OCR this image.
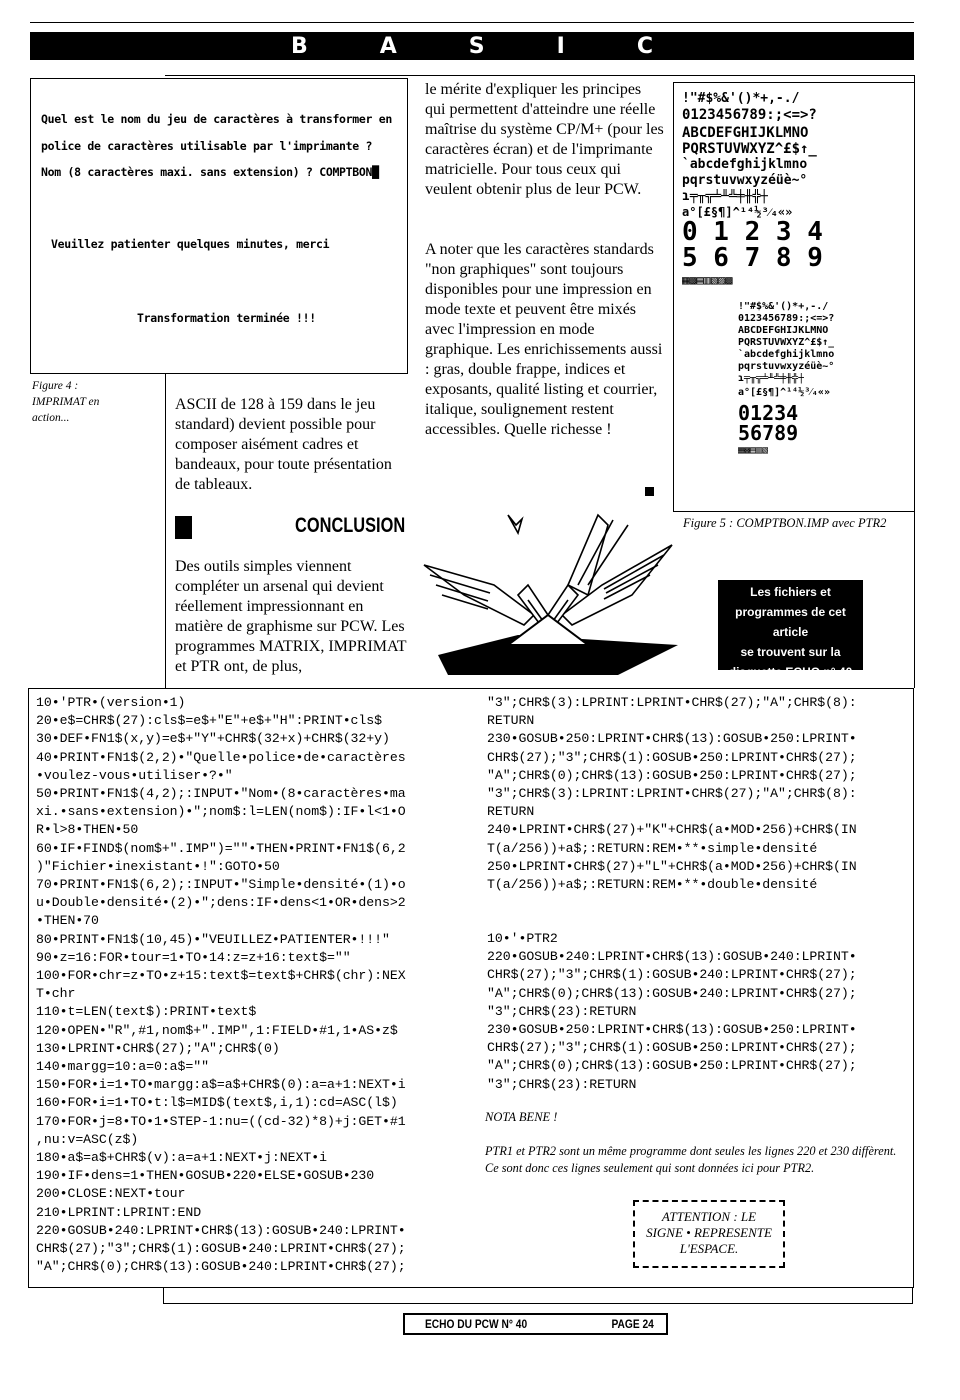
BASIC
Quel est le nom du jeu de caractères à transformer en
police de caractères utilisable par l'imprimante ?
Nom (8 caractères maxi. sans extension) ? COMPTBON█
Veuillez patienter quelques minutes, merci
Transformation terminée !!!
Figure 4 : IMPRIMAT en action...
ASCII de 128 à 159 dans le jeu standard) devient possible pour composer aisément cadres et bandeaux, pour toute présentation de tableaux.
CONCLUSION
Des outils simples viennent compléter un arsenal qui devient réellement impressionnant en matière de graphisme sur PCW. Les programmes MATRIX, IMPRIMAT et PTR ont, de plus,
le mérite d'expliquer les principes qui permettent d'atteindre une réelle maîtrise du système CP/M+ (pour les caractères écran) et de l'imprimante matricielle. Pour tous ceux qui veulent obtenir plus de leur PCW.
A noter que les caractères standards "non graphiques" sont toujours disponibles pour une impression en mode texte et peuvent être mixés avec l'impression en mode graphique. Les enrichissements aussi : gras, double frappe, indices et exposants, qualité listing et courrier, italique, soulignement restent accessibles. Quelle richesse !
!"#$%&'()*+,-./
0123456789:;<=>?
ABCDEFGHIJKLMNO
PQRSTUVWXYZ^£$↑_
`abcdefghijklmno
pqrstuvwxyzéüè~°
ɿ╤╥╦╧╨╩╪╫╬┼
a°[£§¶]^¹⁴½³⁄₄«»
0 1 2 3 4
5 6 7 8 9
▦▩▤▥▧▨▩
!"#$%&'()*+,-./
0123456789:;<=>?
ABCDEFGHIJKLMNO
PQRSTUVWXYZ^£$↑_
`abcdefghijklmno
pqrstuvwxyzéüè~°
ɿ╤╥╦╧╨╩╪╫╬┼
a°[£§¶]^¹⁴½³⁄₄«»
01234
56789
▦▩▤▥▧
Figure 5 : COMPTBON.IMP avec PTR2
Les fichiers et
programmes de cet article
se trouvent sur la
disquette ECHO n° 40
10•'PTR•(version•1)
20•e$=CHR$(27):cls$=e$+"E"+e$+"H":PRINT•cls$
30•DEF•FN1$(x,y)=e$+"Y"+CHR$(32+x)+CHR$(32+y)
40•PRINT•FN1$(2,2)•"Quelle•police•de•caractères
•voulez-vous•utiliser•?•"
50•PRINT•FN1$(4,2);:INPUT•"Nom•(8•caractères•ma
xi.•sans•extension)•";nom$:l=LEN(nom$):IF•l<1•O
R•l>8•THEN•50
60•IF•FIND$(nom$+".IMP")=""•THEN•PRINT•FN1$(6,2
)"Fichier•inexistant•!":GOTO•50
70•PRINT•FN1$(6,2);:INPUT•"Simple•densité•(1)•o
u•Double•densité•(2)•";dens:IF•dens<1•OR•dens>2
•THEN•70
80•PRINT•FN1$(10,45)•"VEUILLEZ•PATIENTER•!!!"
90•z=16:FOR•tour=1•TO•14:z=z+16:text$=""
100•FOR•chr=z•TO•z+15:text$=text$+CHR$(chr):NEX
T•chr
110•t=LEN(text$):PRINT•text$
120•OPEN•"R",#1,nom$+".IMP",1:FIELD•#1,1•AS•z$
130•LPRINT•CHR$(27);"A";CHR$(0)
140•margg=10:a=0:a$=""
150•FOR•i=1•TO•margg:a$=a$+CHR$(0):a=a+1:NEXT•i
160•FOR•i=1•TO•t:l$=MID$(text$,i,1):cd=ASC(l$)
170•FOR•j=8•TO•1•STEP-1:nu=((cd-32)*8)+j:GET•#1
,nu:v=ASC(z$)
180•a$=a$+CHR$(v):a=a+1:NEXT•j:NEXT•i
190•IF•dens=1•THEN•GOSUB•220•ELSE•GOSUB•230
200•CLOSE:NEXT•tour
210•LPRINT:LPRINT:END
220•GOSUB•240:LPRINT•CHR$(13):GOSUB•240:LPRINT•
CHR$(27);"3";CHR$(1):GOSUB•240:LPRINT•CHR$(27);
"A";CHR$(0);CHR$(13):GOSUB•240:LPRINT•CHR$(27);
"3";CHR$(3):LPRINT:LPRINT•CHR$(27);"A";CHR$(8):
RETURN
230•GOSUB•250:LPRINT•CHR$(13):GOSUB•250:LPRINT•
CHR$(27);"3";CHR$(1):GOSUB•250:LPRINT•CHR$(27);
"A";CHR$(0);CHR$(13):GOSUB•250:LPRINT•CHR$(27);
"3";CHR$(3):LPRINT:LPRINT•CHR$(27);"A";CHR$(8):
RETURN
240•LPRINT•CHR$(27)+"K"+CHR$(a•MOD•256)+CHR$(IN
T(a/256))+a$;:RETURN:REM•**•simple•densité
250•LPRINT•CHR$(27)+"L"+CHR$(a•MOD•256)+CHR$(IN
T(a/256))+a$;:RETURN:REM•**•double•densité
10•'•PTR2
220•GOSUB•240:LPRINT•CHR$(13):GOSUB•240:LPRINT•
CHR$(27);"3";CHR$(1):GOSUB•240:LPRINT•CHR$(27);
"A";CHR$(0);CHR$(13):GOSUB•240:LPRINT•CHR$(27);
"3";CHR$(23):RETURN
230•GOSUB•250:LPRINT•CHR$(13):GOSUB•250:LPRINT•
CHR$(27);"3";CHR$(1):GOSUB•250:LPRINT•CHR$(27);
"A";CHR$(0);CHR$(13):GOSUB•250:LPRINT•CHR$(27);
"3";CHR$(23):RETURN
NOTA BENE !
PTR1 et PTR2 sont un même programme dont seules les lignes 220 et 230 diffèrent. Ce sont donc ces lignes seulement qui sont données ici pour PTR2.
ATTENTION : LE
SIGNE • REPRESENTE
L'ESPACE.
ECHO DU PCW N° 40	PAGE 24
